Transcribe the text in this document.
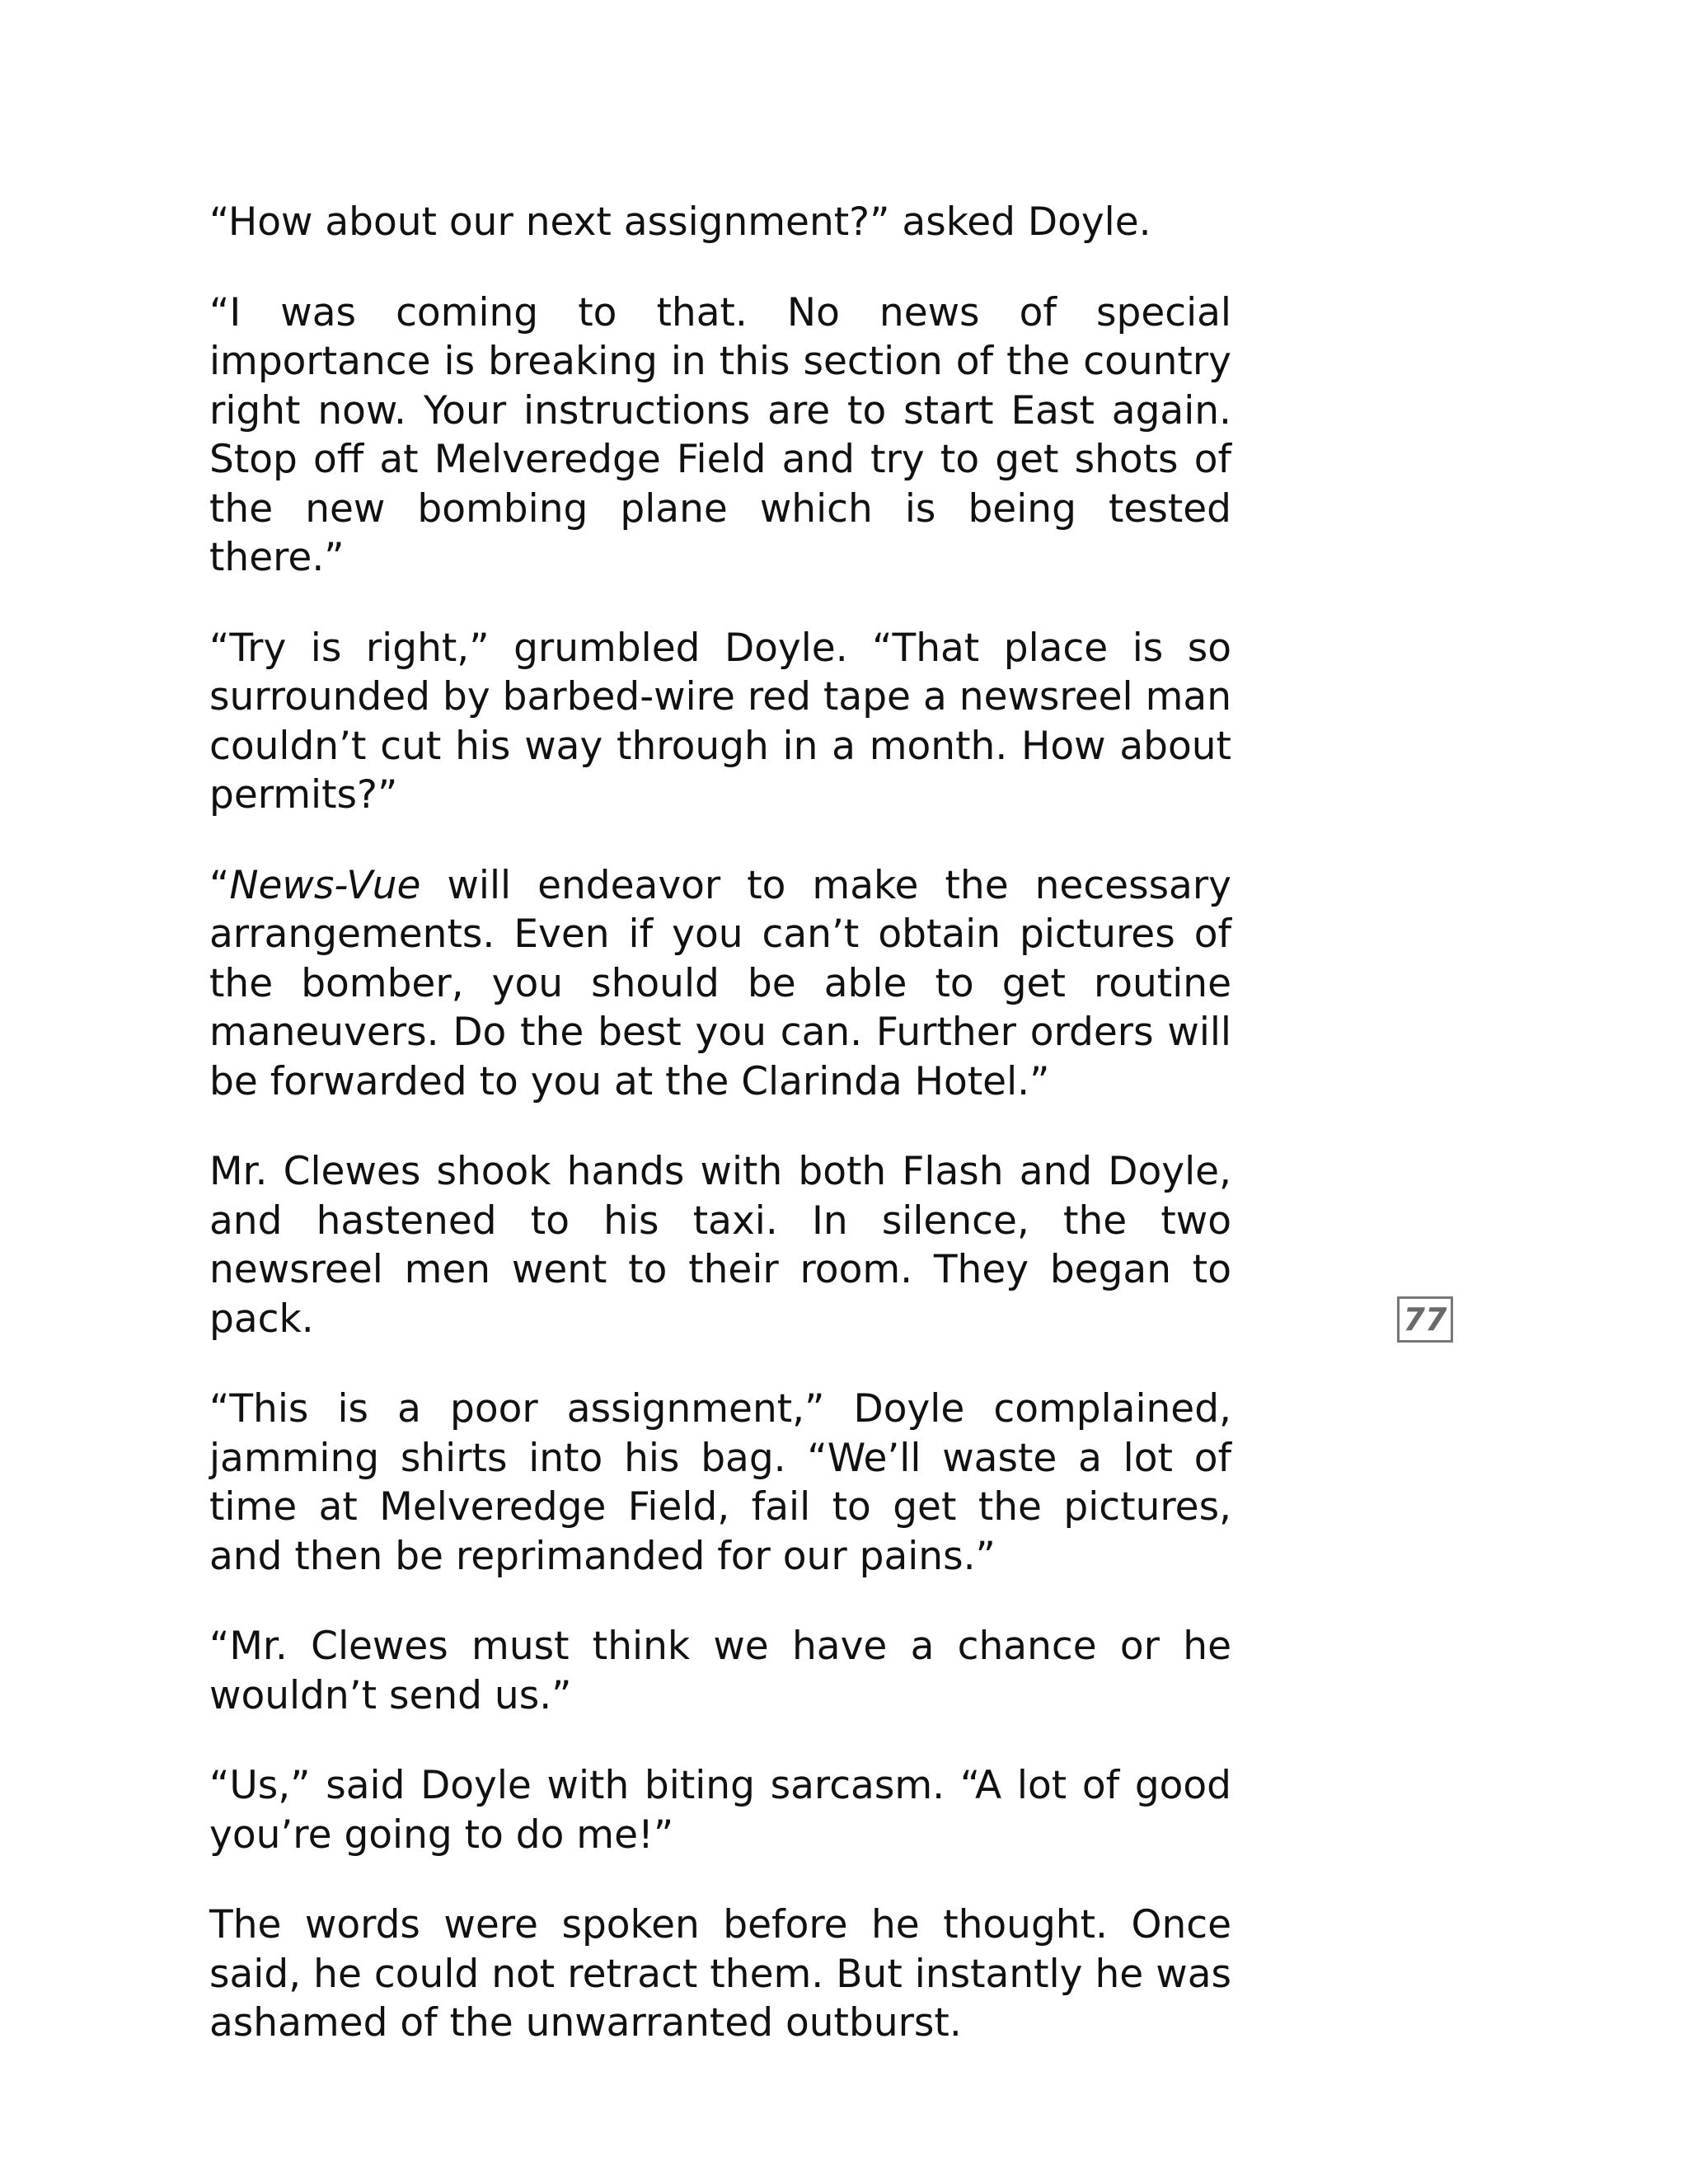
“How about our next assignment?” asked Doyle.

“I was coming to that. No news of special importance is breaking in this section of the country right now. Your instructions are to start East again. Stop off at Melveredge Field and try to get shots of the new bombing plane which is being tested there.”

“Try is right,” grumbled Doyle. “That place is so surrounded by barbed-wire red tape a newsreel man couldn’t cut his way through in a month. How about permits?”

“News-Vue will endeavor to make the necessary arrangements. Even if you can’t obtain pictures of the bomber, you should be able to get routine maneuvers. Do the best you can. Further orders will be forwarded to you at the Clarinda Hotel.”

Mr. Clewes shook hands with both Flash and Doyle, and hastened to his taxi. In silence, the two newsreel men went to their room. They began to pack.

“This is a poor assignment,” Doyle complained, jamming shirts into his bag. “We’ll waste a lot of time at Melveredge Field, fail to get the pictures, and then be reprimanded for our pains.”

“Mr. Clewes must think we have a chance or he wouldn’t send us.”

“Us,” said Doyle with biting sarcasm. “A lot of good you’re going to do me!”

The words were spoken before he thought. Once said, he could not retract them. But instantly he was ashamed of the unwarranted outburst.

77
